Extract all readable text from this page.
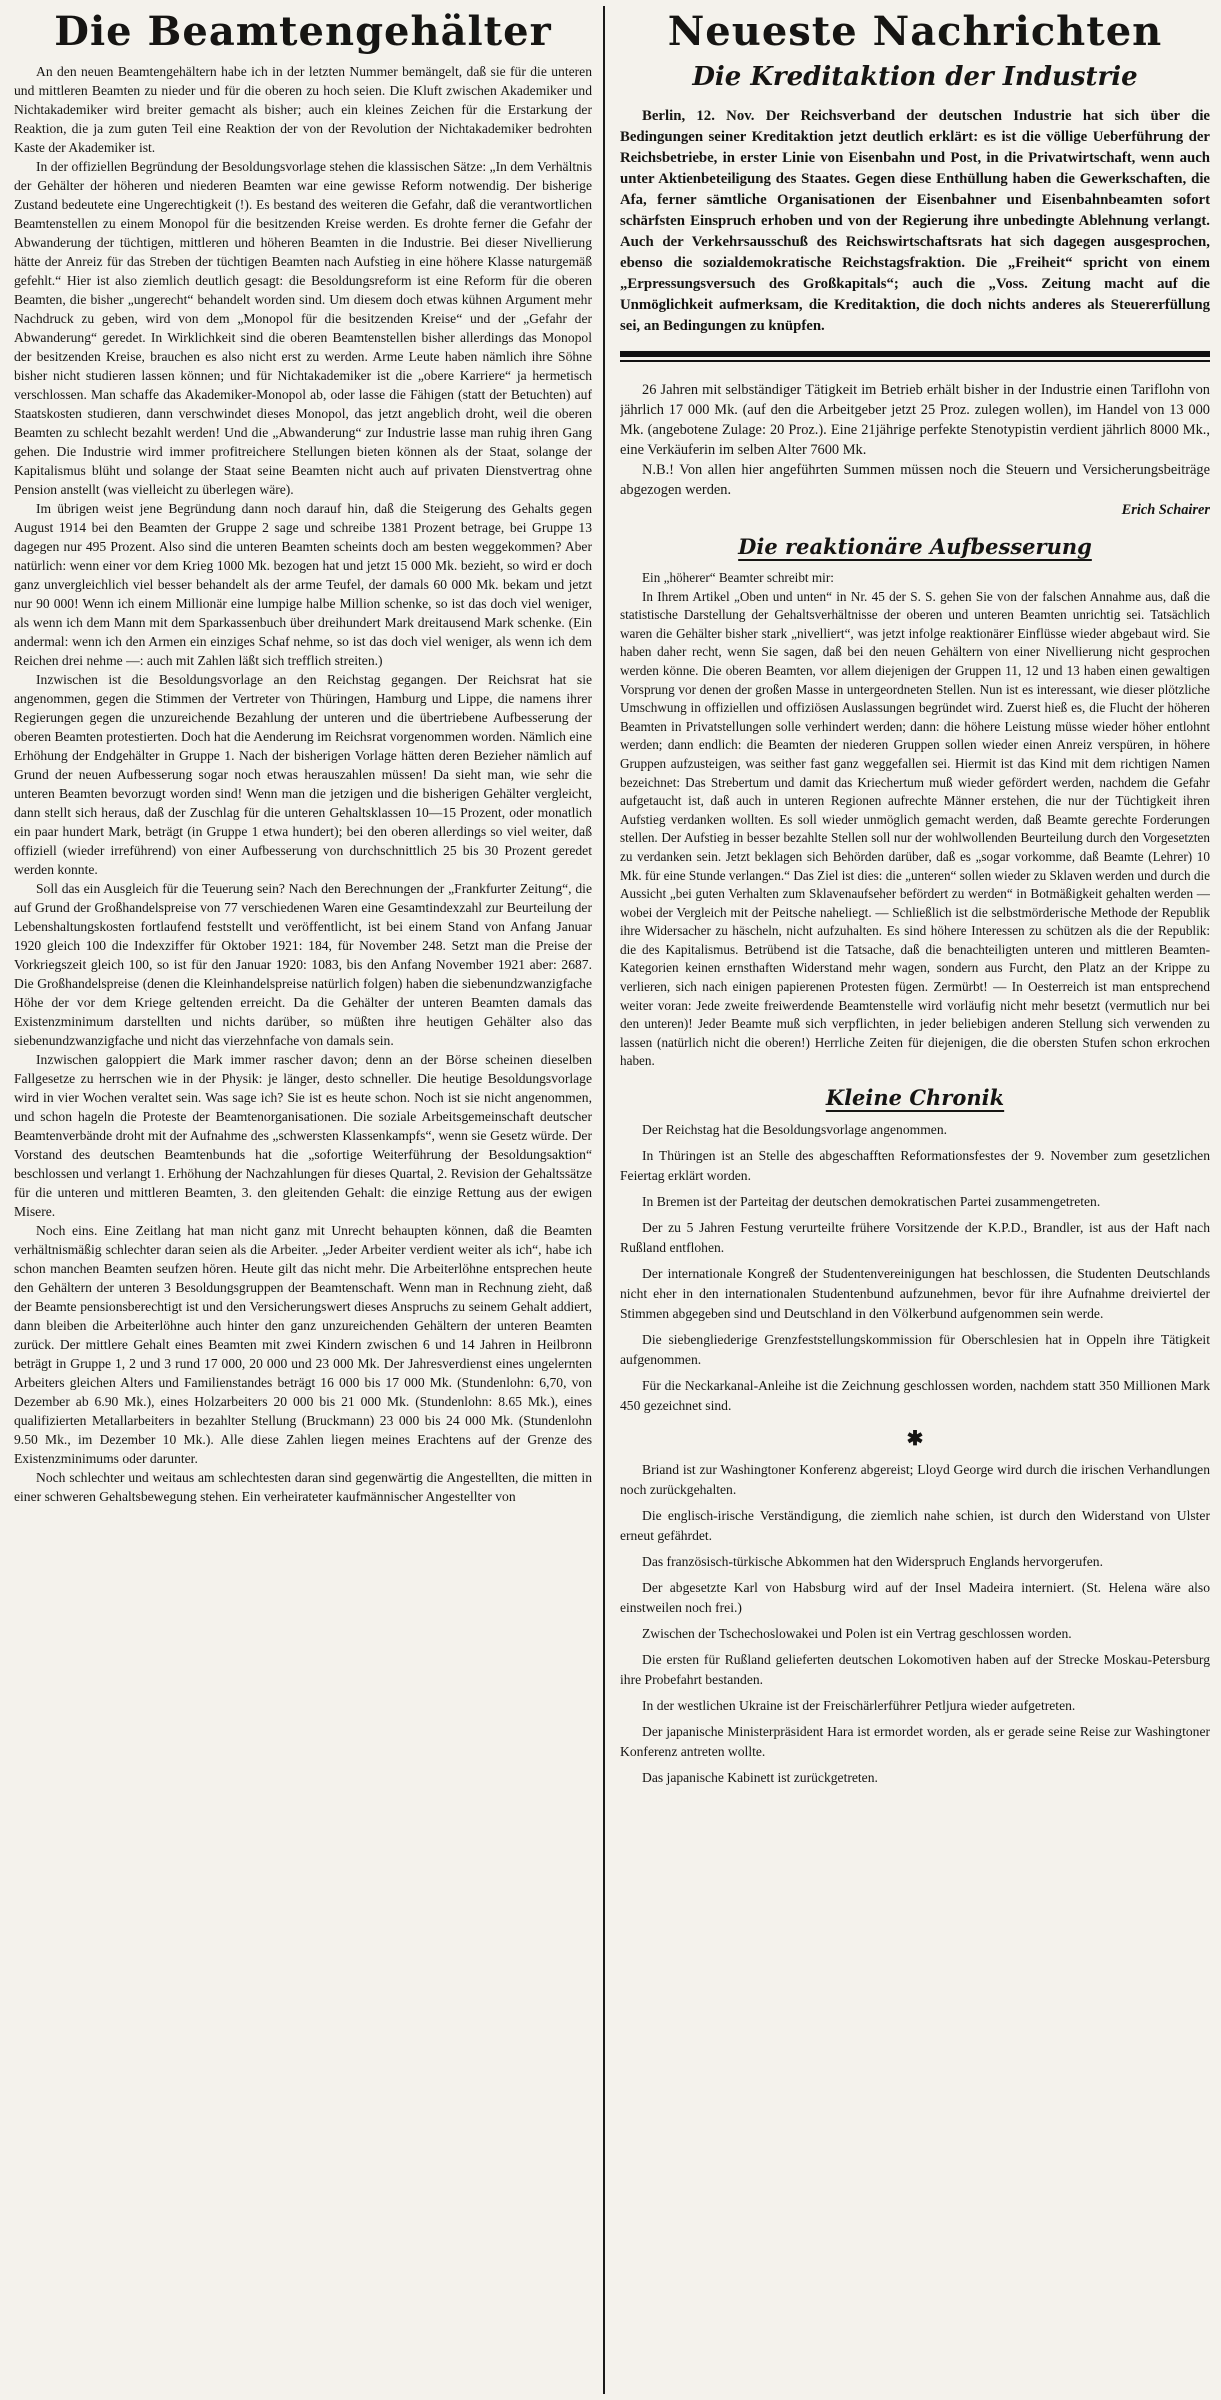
Die Beamtengehälter

An den neuen Beamtengehältern habe ich in der letzten Nummer bemängelt, daß sie für die unteren und mittleren Beamten zu nieder und für die oberen zu hoch seien. Die Kluft zwischen Akademiker und Nichtakademiker wird breiter gemacht als bisher; auch ein kleines Zeichen für die Erstarkung der Reaktion, die ja zum guten Teil eine Reaktion der von der Revolution der Nichtakademiker bedrohten Kaste der Akademiker ist.

In der offiziellen Begründung der Besoldungsvorlage stehen die klassischen Sätze: „In dem Verhältnis der Gehälter der höheren und niederen Beamten war eine gewisse Reform notwendig. Der bisherige Zustand bedeutete eine Ungerechtigkeit (!). Es bestand des weiteren die Gefahr, daß die verantwortlichen Beamtenstellen zu einem Monopol für die besitzenden Kreise werden. Es drohte ferner die Gefahr der Abwanderung der tüchtigen, mittleren und höheren Beamten in die Industrie. Bei dieser Nivellierung hätte der Anreiz für das Streben der tüchtigen Beamten nach Aufstieg in eine höhere Klasse naturgemäß gefehlt.“ Hier ist also ziemlich deutlich gesagt: die Besoldungsreform ist eine Reform für die oberen Beamten, die bisher „ungerecht“ behandelt worden sind. Um diesem doch etwas kühnen Argument mehr Nachdruck zu geben, wird von dem „Monopol für die besitzenden Kreise“ und der „Gefahr der Abwanderung“ geredet. In Wirklichkeit sind die oberen Beamtenstellen bisher allerdings das Monopol der besitzenden Kreise, brauchen es also nicht erst zu werden. Arme Leute haben nämlich ihre Söhne bisher nicht studieren lassen können; und für Nichtakademiker ist die „obere Karriere“ ja hermetisch verschlossen. Man schaffe das Akademiker-Monopol ab, oder lasse die Fähigen (statt der Betuchten) auf Staatskosten studieren, dann verschwindet dieses Monopol, das jetzt angeblich droht, weil die oberen Beamten zu schlecht bezahlt werden! Und die „Abwanderung“ zur Industrie lasse man ruhig ihren Gang gehen. Die Industrie wird immer profitreichere Stellungen bieten können als der Staat, solange der Kapitalismus blüht und solange der Staat seine Beamten nicht auch auf privaten Dienstvertrag ohne Pension anstellt (was vielleicht zu überlegen wäre).

Im übrigen weist jene Begründung dann noch darauf hin, daß die Steigerung des Gehalts gegen August 1914 bei den Beamten der Gruppe 2 sage und schreibe 1381 Prozent betrage, bei Gruppe 13 dagegen nur 495 Prozent. Also sind die unteren Beamten scheints doch am besten weggekommen? Aber natürlich: wenn einer vor dem Krieg 1000 Mk. bezogen hat und jetzt 15 000 Mk. bezieht, so wird er doch ganz unvergleichlich viel besser behandelt als der arme Teufel, der damals 60 000 Mk. bekam und jetzt nur 90 000! Wenn ich einem Millionär eine lumpige halbe Million schenke, so ist das doch viel weniger, als wenn ich dem Mann mit dem Sparkassenbuch über dreihundert Mark dreitausend Mark schenke. (Ein andermal: wenn ich den Armen ein einziges Schaf nehme, so ist das doch viel weniger, als wenn ich dem Reichen drei nehme —: auch mit Zahlen läßt sich trefflich streiten.)

Inzwischen ist die Besoldungsvorlage an den Reichstag gegangen. Der Reichsrat hat sie angenommen, gegen die Stimmen der Vertreter von Thüringen, Hamburg und Lippe, die namens ihrer Regierungen gegen die unzureichende Bezahlung der unteren und die übertriebene Aufbesserung der oberen Beamten protestierten. Doch hat die Aenderung im Reichsrat vorgenommen worden. Nämlich eine Erhöhung der Endgehälter in Gruppe 1. Nach der bisherigen Vorlage hätten deren Bezieher nämlich auf Grund der neuen Aufbesserung sogar noch etwas herauszahlen müssen! Da sieht man, wie sehr die unteren Beamten bevorzugt worden sind! Wenn man die jetzigen und die bisherigen Gehälter vergleicht, dann stellt sich heraus, daß der Zuschlag für die unteren Gehaltsklassen 10—15 Prozent, oder monatlich ein paar hundert Mark, beträgt (in Gruppe 1 etwa hundert); bei den oberen allerdings so viel weiter, daß offiziell (wieder irreführend) von einer Aufbesserung von durchschnittlich 25 bis 30 Prozent geredet werden konnte.

Soll das ein Ausgleich für die Teuerung sein? Nach den Berechnungen der „Frankfurter Zeitung“, die auf Grund der Großhandelspreise von 77 verschiedenen Waren eine Gesamtindexzahl zur Beurteilung der Lebenshaltungskosten fortlaufend feststellt und veröffentlicht, ist bei einem Stand von Anfang Januar 1920 gleich 100 die Indexziffer für Oktober 1921: 184, für November 248. Setzt man die Preise der Vorkriegszeit gleich 100, so ist für den Januar 1920: 1083, bis den Anfang November 1921 aber: 2687. Die Großhandelspreise (denen die Kleinhandelspreise natürlich folgen) haben die siebenundzwanzigfache Höhe der vor dem Kriege geltenden erreicht. Da die Gehälter der unteren Beamten damals das Existenzminimum darstellten und nichts darüber, so müßten ihre heutigen Gehälter also das siebenundzwanzigfache und nicht das vierzehnfache von damals sein.

Inzwischen galoppiert die Mark immer rascher davon; denn an der Börse scheinen dieselben Fallgesetze zu herrschen wie in der Physik: je länger, desto schneller. Die heutige Besoldungsvorlage wird in vier Wochen veraltet sein. Was sage ich? Sie ist es heute schon. Noch ist sie nicht angenommen, und schon hageln die Proteste der Beamtenorganisationen. Die soziale Arbeitsgemeinschaft deutscher Beamtenverbände droht mit der Aufnahme des „schwersten Klassenkampfs“, wenn sie Gesetz würde. Der Vorstand des deutschen Beamtenbunds hat die „sofortige Weiterführung der Besoldungsaktion“ beschlossen und verlangt 1. Erhöhung der Nachzahlungen für dieses Quartal, 2. Revision der Gehaltssätze für die unteren und mittleren Beamten, 3. den gleitenden Gehalt: die einzige Rettung aus der ewigen Misere.

Noch eins. Eine Zeitlang hat man nicht ganz mit Unrecht behaupten können, daß die Beamten verhältnismäßig schlechter daran seien als die Arbeiter. „Jeder Arbeiter verdient weiter als ich“, habe ich schon manchen Beamten seufzen hören. Heute gilt das nicht mehr. Die Arbeiterlöhne entsprechen heute den Gehältern der unteren 3 Besoldungsgruppen der Beamtenschaft. Wenn man in Rechnung zieht, daß der Beamte pensionsberechtigt ist und den Versicherungswert dieses Anspruchs zu seinem Gehalt addiert, dann bleiben die Arbeiterlöhne auch hinter den ganz unzureichenden Gehältern der unteren Beamten zurück. Der mittlere Gehalt eines Beamten mit zwei Kindern zwischen 6 und 14 Jahren in Heilbronn beträgt in Gruppe 1, 2 und 3 rund 17 000, 20 000 und 23 000 Mk. Der Jahresverdienst eines ungelernten Arbeiters gleichen Alters und Familienstandes beträgt 16 000 bis 17 000 Mk. (Stundenlohn: 6,70, von Dezember ab 6.90 Mk.), eines Holzarbeiters 20 000 bis 21 000 Mk. (Stundenlohn: 8.65 Mk.), eines qualifizierten Metallarbeiters in bezahlter Stellung (Bruckmann) 23 000 bis 24 000 Mk. (Stundenlohn 9.50 Mk., im Dezember 10 Mk.). Alle diese Zahlen liegen meines Erachtens auf der Grenze des Existenzminimums oder darunter.

Noch schlechter und weitaus am schlechtesten daran sind gegenwärtig die Angestellten, die mitten in einer schweren Gehaltsbewegung stehen. Ein verheirateter kaufmännischer Angestellter von

Neueste Nachrichten
Die Kreditaktion der Industrie

Berlin, 12. Nov. Der Reichsverband der deutschen Industrie hat sich über die Bedingungen seiner Kreditaktion jetzt deutlich erklärt: es ist die völlige Ueberführung der Reichsbetriebe, in erster Linie von Eisenbahn und Post, in die Privatwirtschaft, wenn auch unter Aktienbeteiligung des Staates. Gegen diese Enthüllung haben die Gewerkschaften, die Afa, ferner sämtliche Organisationen der Eisenbahner und Eisenbahnbeamten sofort schärfsten Einspruch erhoben und von der Regierung ihre unbedingte Ablehnung verlangt. Auch der Verkehrsausschuß des Reichswirtschaftsrats hat sich dagegen ausgesprochen, ebenso die sozialdemokratische Reichstagsfraktion. Die „Freiheit“ spricht von einem „Erpressungsversuch des Großkapitals“; auch die „Voss. Zeitung macht auf die Unmöglichkeit aufmerksam, die Kreditaktion, die doch nichts anderes als Steuererfüllung sei, an Bedingungen zu knüpfen.

26 Jahren mit selbständiger Tätigkeit im Betrieb erhält bisher in der Industrie einen Tariflohn von jährlich 17 000 Mk. (auf den die Arbeitgeber jetzt 25 Proz. zulegen wollen), im Handel von 13 000 Mk. (angebotene Zulage: 20 Proz.). Eine 21jährige perfekte Stenotypistin verdient jährlich 8000 Mk., eine Verkäuferin im selben Alter 7600 Mk.

N.B.! Von allen hier angeführten Summen müssen noch die Steuern und Versicherungsbeiträge abgezogen werden.

Erich Schairer
Die reaktionäre Aufbesserung

Ein „höherer“ Beamter schreibt mir:

In Ihrem Artikel „Oben und unten“ in Nr. 45 der S. S. gehen Sie von der falschen Annahme aus, daß die statistische Darstellung der Gehaltsverhältnisse der oberen und unteren Beamten unrichtig sei. Tatsächlich waren die Gehälter bisher stark „nivelliert“, was jetzt infolge reaktionärer Einflüsse wieder abgebaut wird. Sie haben daher recht, wenn Sie sagen, daß bei den neuen Gehältern von einer Nivellierung nicht gesprochen werden könne. Die oberen Beamten, vor allem diejenigen der Gruppen 11, 12 und 13 haben einen gewaltigen Vorsprung vor denen der großen Masse in untergeordneten Stellen. Nun ist es interessant, wie dieser plötzliche Umschwung in offiziellen und offiziösen Auslassungen begründet wird. Zuerst hieß es, die Flucht der höheren Beamten in Privatstellungen solle verhindert werden; dann: die höhere Leistung müsse wieder höher entlohnt werden; dann endlich: die Beamten der niederen Gruppen sollen wieder einen Anreiz verspüren, in höhere Gruppen aufzusteigen, was seither fast ganz weggefallen sei. Hiermit ist das Kind mit dem richtigen Namen bezeichnet: Das Strebertum und damit das Kriechertum muß wieder gefördert werden, nachdem die Gefahr aufgetaucht ist, daß auch in unteren Regionen aufrechte Männer erstehen, die nur der Tüchtigkeit ihren Aufstieg verdanken wollten. Es soll wieder unmöglich gemacht werden, daß Beamte gerechte Forderungen stellen. Der Aufstieg in besser bezahlte Stellen soll nur der wohlwollenden Beurteilung durch den Vorgesetzten zu verdanken sein. Jetzt beklagen sich Behörden darüber, daß es „sogar vorkomme, daß Beamte (Lehrer) 10 Mk. für eine Stunde verlangen.“ Das Ziel ist dies: die „unteren“ sollen wieder zu Sklaven werden und durch die Aussicht „bei guten Verhalten zum Sklavenaufseher befördert zu werden“ in Botmäßigkeit gehalten werden — wobei der Vergleich mit der Peitsche naheliegt. — Schließlich ist die selbstmörderische Methode der Republik ihre Widersacher zu häscheln, nicht aufzuhalten. Es sind höhere Interessen zu schützen als die der Republik: die des Kapitalismus. Betrübend ist die Tatsache, daß die benachteiligten unteren und mittleren Beamten-Kategorien keinen ernsthaften Widerstand mehr wagen, sondern aus Furcht, den Platz an der Krippe zu verlieren, sich nach einigen papierenen Protesten fügen. Zermürbt! — In Oesterreich ist man entsprechend weiter voran: Jede zweite freiwerdende Beamtenstelle wird vorläufig nicht mehr besetzt (vermutlich nur bei den unteren)! Jeder Beamte muß sich verpflichten, in jeder beliebigen anderen Stellung sich verwenden zu lassen (natürlich nicht die oberen!) Herrliche Zeiten für diejenigen, die die obersten Stufen schon erkrochen haben.

Kleine Chronik

Der Reichstag hat die Besoldungsvorlage angenommen.

In Thüringen ist an Stelle des abgeschafften Reformationsfestes der 9. November zum gesetzlichen Feiertag erklärt worden.

In Bremen ist der Parteitag der deutschen demokratischen Partei zusammengetreten.

Der zu 5 Jahren Festung verurteilte frühere Vorsitzende der K.P.D., Brandler, ist aus der Haft nach Rußland entflohen.

Der internationale Kongreß der Studentenvereinigungen hat beschlossen, die Studenten Deutschlands nicht eher in den internationalen Studentenbund aufzunehmen, bevor für ihre Aufnahme dreiviertel der Stimmen abgegeben sind und Deutschland in den Völkerbund aufgenommen sein werde.

Die siebengliederige Grenzfeststellungskommission für Oberschlesien hat in Oppeln ihre Tätigkeit aufgenommen.

Für die Neckarkanal-Anleihe ist die Zeichnung geschlossen worden, nachdem statt 350 Millionen Mark 450 gezeichnet sind.

✱

Briand ist zur Washingtoner Konferenz abgereist; Lloyd George wird durch die irischen Verhandlungen noch zurückgehalten.

Die englisch-irische Verständigung, die ziemlich nahe schien, ist durch den Widerstand von Ulster erneut gefährdet.

Das französisch-türkische Abkommen hat den Widerspruch Englands hervorgerufen.

Der abgesetzte Karl von Habsburg wird auf der Insel Madeira interniert. (St. Helena wäre also einstweilen noch frei.)

Zwischen der Tschechoslowakei und Polen ist ein Vertrag geschlossen worden.

Die ersten für Rußland gelieferten deutschen Lokomotiven haben auf der Strecke Moskau-Petersburg ihre Probefahrt bestanden.

In der westlichen Ukraine ist der Freischärlerführer Petljura wieder aufgetreten.

Der japanische Ministerpräsident Hara ist ermordet worden, als er gerade seine Reise zur Washingtoner Konferenz antreten wollte.

Das japanische Kabinett ist zurückgetreten.
